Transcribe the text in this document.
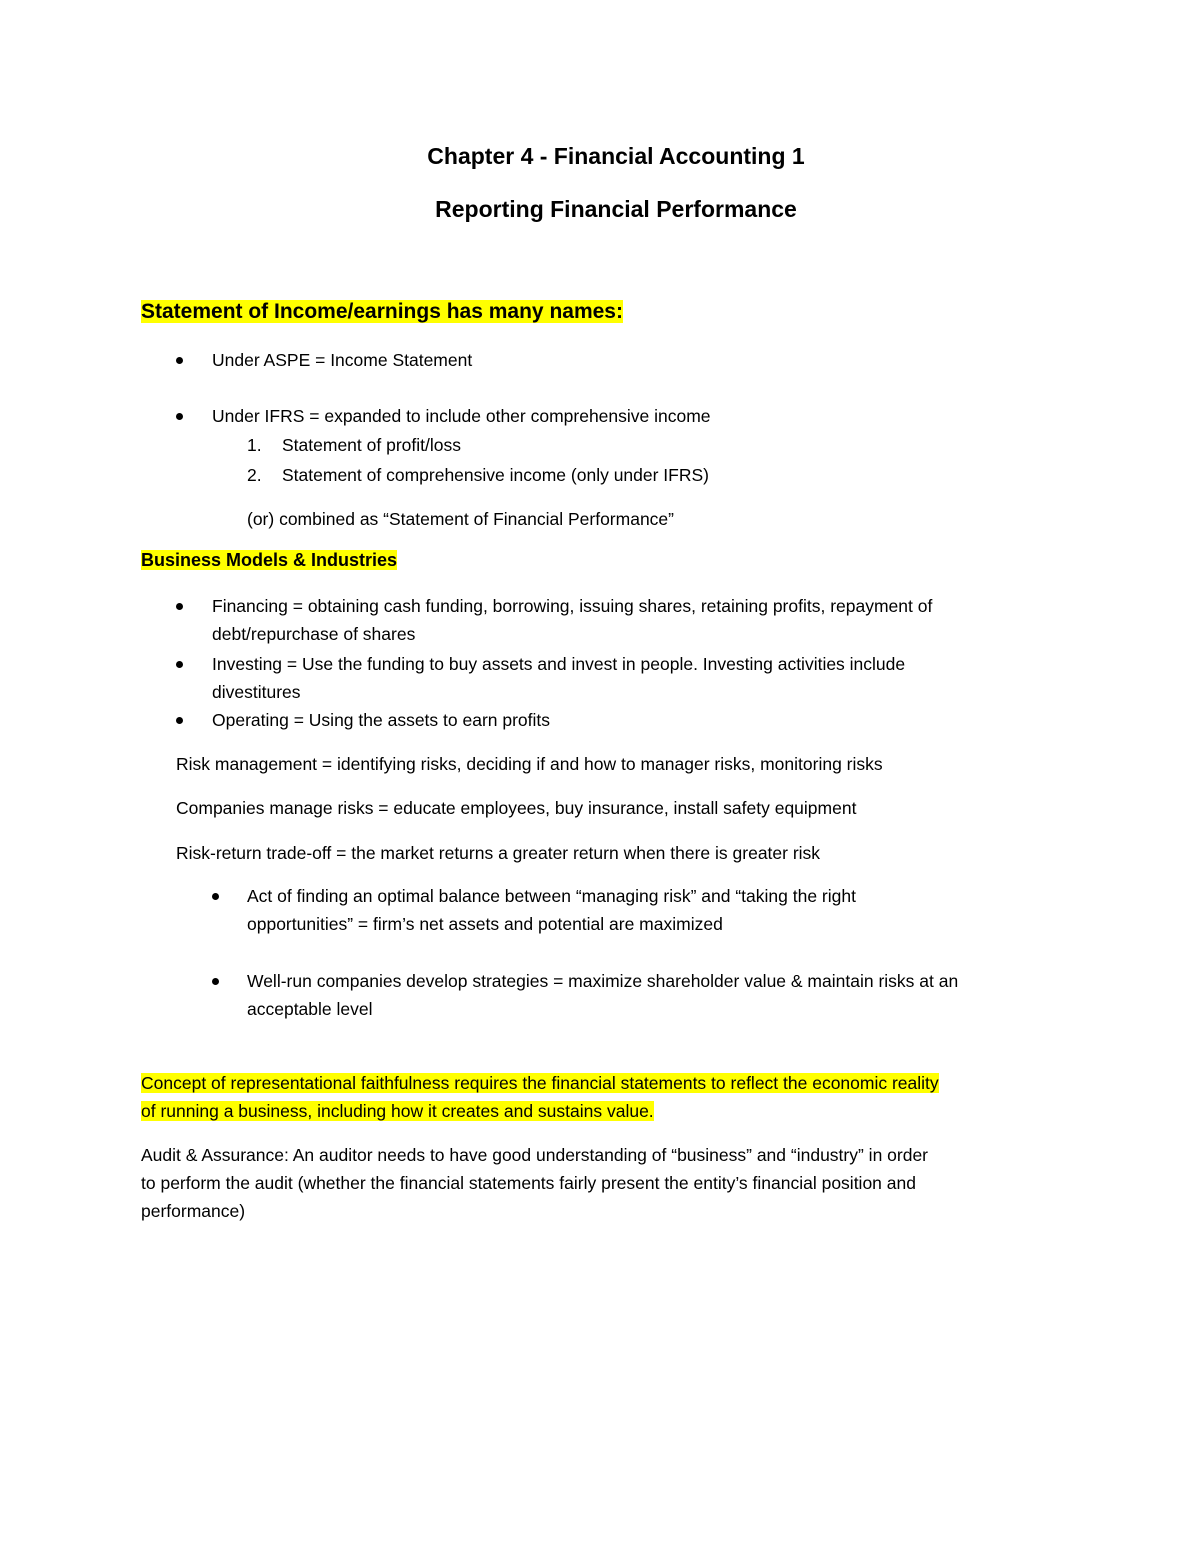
Chapter 4 - Financial Accounting 1
Reporting Financial Performance
Statement of Income/earnings has many names:
Under ASPE = Income Statement
Under IFRS = expanded to include other comprehensive income
1. Statement of profit/loss
2. Statement of comprehensive income (only under IFRS)
(or) combined as “Statement of Financial Performance”
Business Models & Industries
Financing = obtaining cash funding, borrowing, issuing shares, retaining profits, repayment of
debt/repurchase of shares
Investing = Use the funding to buy assets and invest in people. Investing activities include
divestitures
Operating = Using the assets to earn profits
Risk management = identifying risks, deciding if and how to manager risks, monitoring risks
Companies manage risks = educate employees, buy insurance, install safety equipment
Risk-return trade-off = the market returns a greater return when there is greater risk
Act of finding an optimal balance between “managing risk” and “taking the right
opportunities” = firm’s net assets and potential are maximized
Well-run companies develop strategies = maximize shareholder value & maintain risks at an
acceptable level
Concept of representational faithfulness requires the financial statements to reflect the economic reality
of running a business, including how it creates and sustains value.
Audit & Assurance: An auditor needs to have good understanding of “business” and “industry” in order
to perform the audit (whether the financial statements fairly present the entity’s financial position and
performance)
